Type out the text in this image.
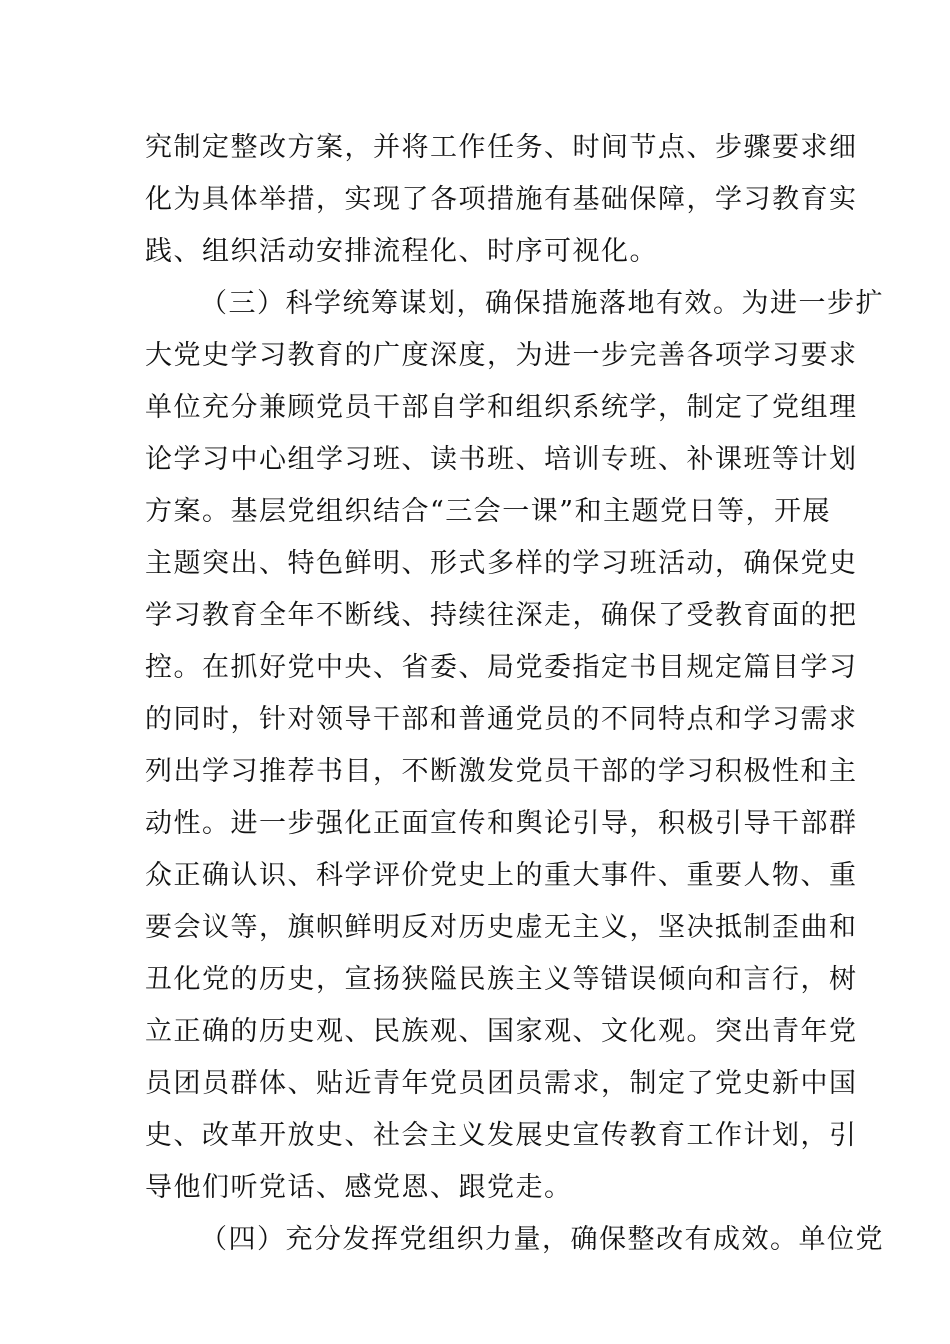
究制定整改方案，并将工作任务、时间节点、步骤要求细
化为具体举措，实现了各项措施有基础保障，学习教育实
践、组织活动安排流程化、时序可视化。
（三）科学统筹谋划，确保措施落地有效。为进一步扩
大党史学习教育的广度深度，为进一步完善各项学习要求
单位充分兼顾党员干部自学和组织系统学，制定了党组理
论学习中心组学习班、读书班、培训专班、补课班等计划
方案。基层党组织结合“三会一课”和主题党日等，开展
主题突出、特色鲜明、形式多样的学习班活动，确保党史
学习教育全年不断线、持续往深走，确保了受教育面的把
控。在抓好党中央、省委、局党委指定书目规定篇目学习
的同时，针对领导干部和普通党员的不同特点和学习需求
列出学习推荐书目，不断激发党员干部的学习积极性和主
动性。进一步强化正面宣传和舆论引导，积极引导干部群
众正确认识、科学评价党史上的重大事件、重要人物、重
要会议等，旗帜鲜明反对历史虚无主义，坚决抵制歪曲和
丑化党的历史，宣扬狭隘民族主义等错误倾向和言行，树
立正确的历史观、民族观、国家观、文化观。突出青年党
员团员群体、贴近青年党员团员需求，制定了党史新中国
史、改革开放史、社会主义发展史宣传教育工作计划，引
导他们听党话、感党恩、跟党走。
（四）充分发挥党组织力量，确保整改有成效。单位党
